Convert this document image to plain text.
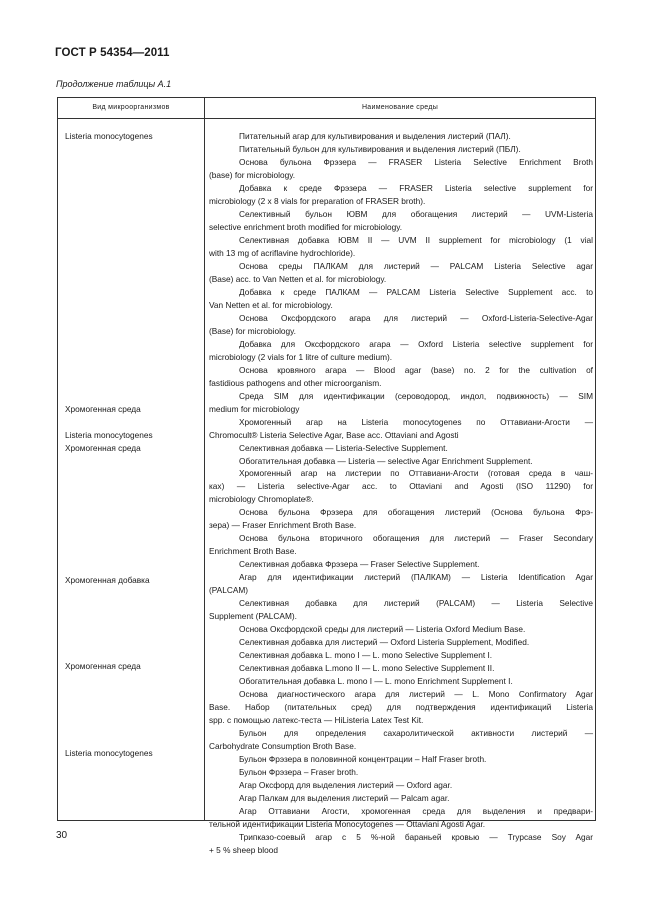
ГОСТ Р 54354—2011
Продолжение таблицы А.1
Вид микроорганизмов	Наименование среды
Listeria monocytogenes
Хромогенная среда
Listeria monocytogenes
Хромогенная среда
Хромогенная добавка
Хромогенная среда
Listeria monocytogenes
Питательный агар для культивирования и выделения листерий (ПАЛ).
Питательный бульон для культивирования и выделения листерий (ПБЛ).
Основа бульона Фрэзера — FRASER Listeria Selective Enrichment Broth
(base) for microbiology.
Добавка к среде Фрэзера — FRASER Listeria selective supplement for
microbiology (2 x 8 vials for preparation of FRASER broth).
Селективный бульон ЮВМ для обогащения листерий — UVM-Listeria
selective enrichment broth modified for microbiology.
Селективная добавка ЮВМ II — UVM II supplement for microbiology (1 vial
with 13 mg of acriflavine hydrochloride).
Основа среды ПАЛКАМ для листерий — PALCAM Listeria Selective agar
(Base) acc. to Van Netten et al. for microbiology.
Добавка к среде ПАЛКАМ — PALCAM Listeria Selective Supplement acc. to
Van Netten et al. for microbiology.
Основа Оксфордского агара для листерий — Oxford-Listeria-Selective-Agar
(Base) for microbiology.
Добавка для Оксфордского агара — Oxford Listeria selective supplement for
microbiology (2 vials for 1 litre of culture medium).
Основа кровяного агара — Blood agar (base) no. 2 for the cultivation of
fastidious pathogens and other microorganism.
Среда SIM для идентификации (сероводород, индол, подвижность) — SIM
medium for microbiology
Хромогенный агар на Listeria monocytogenes по Оттавиани-Агости —
Chromocult® Listeria Selective Agar, Base acc. Ottaviani and Agosti
Селективная добавка — Listeria-Selective Supplement.
Обогатительная добавка — Listeria — selective Agar Enrichment Supplement.
Хромогенный агар на листерии по Оттавиани-Агости (готовая среда в чаш-
ках) — Listeria selective-Agar acc. to Ottaviani and Agosti (ISO 11290) for
microbiology Chromoplate®.
Основа бульона Фрэзера для обогащения листерий (Основа бульона Фрэ-
зера) — Fraser Enrichment Broth Base.
Основа бульона вторичного обогащения для листерий — Fraser Secondary
Enrichment Broth Base.
Селективная добавка Фрэзера — Fraser Selective Supplement.
Агар для идентификации листерий (ПАЛКАМ) — Listeria Identification Agar
(PALCAM)
Селективная добавка для листерий (PALCAM) — Listeria Selective
Supplement (PALCAM).
Основа Оксфордской среды для листерий — Listeria Oxford Medium Base.
Селективная добавка для листерий — Oxford Listeria Supplement, Modified.
Селективная добавка L. mono I — L. mono Selective Supplement I.
Селективная добавка L.mono II — L. mono Selective Supplement II.
Обогатительная добавка L. mono I — L. mono Enrichment Supplement I.
Основа диагностического агара для листерий — L. Mono Confirmatory Agar
Base. Набор (питательных сред) для подтверждения идентификаций Listeria
spp. с помощью латекс-теста — HiListeria Latex Test Kit.
Бульон для определения сахаролитической активности листерий —
Carbohydrate Consumption Broth Base.
Бульон Фрэзера в половинной концентрации – Half Fraser broth.
Бульон Фрэзера – Fraser broth.
Агар Оксфорд для выделения листерий — Oxford agar.
Агар Палкам для выделения листерий — Palcam agar.
Агар Оттавиани Агости, хромогенная среда для выделения и предвари-
тельной идентификации Listeria Monocytogenes — Ottaviani Agosti Agar.
Трипказо-соевый агар с 5 %-ной бараньей кровью — Trypcase Soy Agar
+ 5 % sheep blood
30
